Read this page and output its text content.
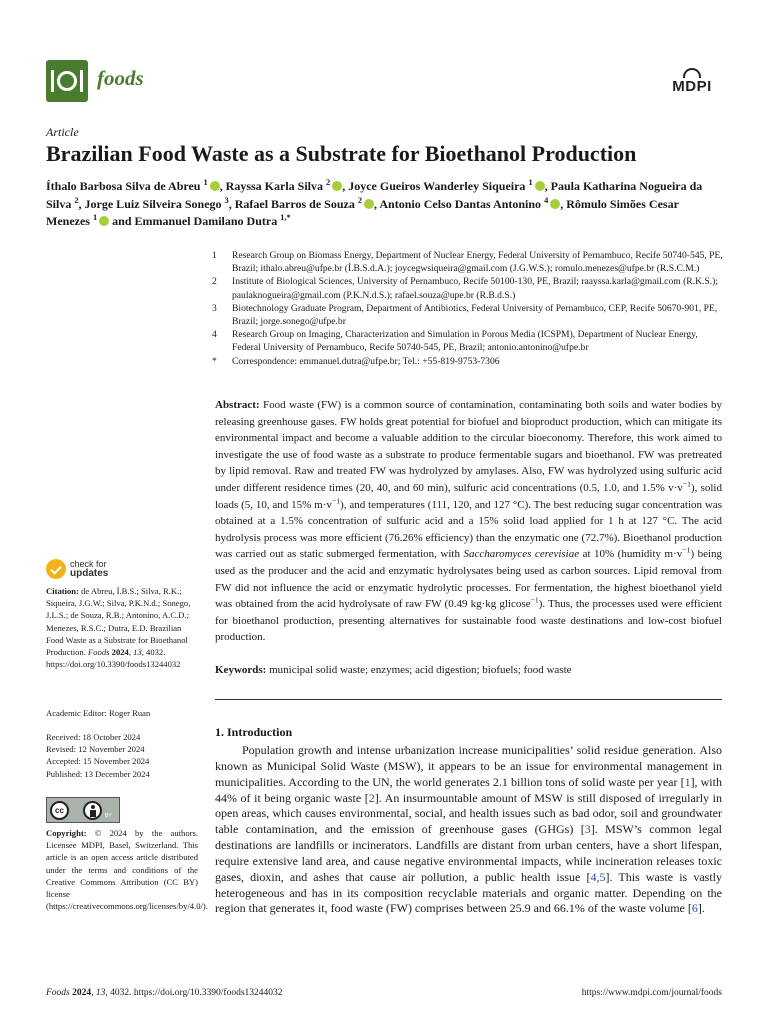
foods	MDPI
Article
Brazilian Food Waste as a Substrate for Bioethanol Production
Íthalo Barbosa Silva de Abreu $^1$ , Rayssa Karla Silva $^2$ , Joyce Gueiros Wanderley Siqueira $^1$ , Paula Katharina Nogueira da Silva $^2$, Jorge Luiz Silveira Sonego $^3$, Rafael Barros de Souza $^2$ , Antonio Celso Dantas Antonino $^4$ , Rômulo Simões Cesar Menezes $^1$ and Emmanuel Damilano Dutra $^{1,*}$
1 Research Group on Biomass Energy, Department of Nuclear Energy, Federal University of Pernambuco, Recife 50740-545, PE, Brazil; ithalo.abreu@ufpe.br (Í.B.S.d.A.); joycegwsiqueira@gmail.com (J.G.W.S.); romulo.menezes@ufpe.br (R.S.C.M.)
2 Institute of Biological Sciences, University of Pernambuco, Recife 50100-130, PE, Brazil; raayssa.karla@gmail.com (R.K.S.); paulaknogueira@gmail.com (P.K.N.d.S.); rafael.souza@upe.br (R.B.d.S.)
3 Biotechnology Graduate Program, Department of Antibiotics, Federal University of Pernambuco, CEP, Recife 50670-901, PE, Brazil; jorge.sonego@ufpe.br
4 Research Group on Imaging, Characterization and Simulation in Porous Media (ICSPM), Department of Nuclear Energy, Federal University of Pernambuco, Recife 50740-545, PE, Brazil; antonio.antonino@ufpe.br
* Correspondence: emmanuel.dutra@ufpe.br; Tel.: +55-819-9753-7306
Abstract: Food waste (FW) is a common source of contamination, contaminating both soils and water bodies by releasing greenhouse gases. FW holds great potential for biofuel and bioproduct production, which can mitigate its environmental impact and become a valuable addition to the circular bioeconomy. Therefore, this work aimed to investigate the use of food waste as a substrate to produce fermentable sugars and bioethanol. FW was pretreated by lipid removal. Raw and treated FW was hydrolyzed by amylases. Also, FW was hydrolyzed using sulfuric acid under different residence times (20, 40, and 60 min), sulfuric acid concentrations (0.5, 1.0, and 1.5% $v\cdot v^{-1}$), solid loads (5, 10, and 15% $m\cdot v^{-1}$), and temperatures (111, 120, and 127 °C). The best reducing sugar concentration was obtained at a 1.5% concentration of sulfuric acid and a 15% solid load applied for 1 h at 127 °C. The acid hydrolysis process was more efficient (76.26% efficiency) than the enzymatic one (72.7%). Bioethanol production was carried out as static submerged fermentation, with Saccharomyces cerevisiae at 10% (humidity $m\cdot v^{-1}$) being used as the producer and the acid and enzymatic hydrolysates being used as carbon sources. Lipid removal from FW did not influence the acid or enzymatic hydrolytic processes. For fermentation, the highest bioethanol yield was obtained from the acid hydrolysate of raw FW (0.49 kg·kg glicose$^{-1}$). Thus, the processes used were efficient for bioethanol production, presenting alternatives for sustainable food waste destinations and low-cost biofuel production.
Keywords: municipal solid waste; enzymes; acid digestion; biofuels; food waste
1. Introduction
Population growth and intense urbanization increase municipalities’ solid residue generation. Also known as Municipal Solid Waste (MSW), it appears to be an issue for environmental management in municipalities. According to the UN, the world generates 2.1 billion tons of solid waste per year [1], with 44% of it being organic waste [2]. An insurmountable amount of MSW is still disposed of irregularly in open areas, which causes environmental, social, and health issues such as bad odor, soil and groundwater table contamination, and the emission of greenhouse gases (GHGs) [3]. MSW’s common legal destinations are landfills or incinerators. Landfills are distant from urban centers, have a short lifespan, require extensive land area, and cause negative environmental impacts, while incineration releases toxic gases, dioxin, and ashes that cause air pollution, a public health issue [4,5]. This waste is vastly heterogeneous and has in its composition recyclable materials and organic matter. Depending on the region that generates it, food waste (FW) comprises between 25.9 and 66.1% of the waste volume [6].
check for
updates
Citation: de Abreu, Í.B.S.; Silva, R.K.; Siqueira, J.G.W.; Silva, P.K.N.d.; Sonego, J.L.S.; de Souza, R.B.; Antonino, A.C.D.; Menezes, R.S.C.; Dutra, E.D. Brazilian Food Waste as a Substrate for Bioethanol Production. Foods 2024, 13, 4032. https://doi.org/10.3390/foods13244032
Academic Editor: Roger Ruan
Received: 18 October 2024
Revised: 12 November 2024
Accepted: 15 November 2024
Published: 13 December 2024
cc
BY
Copyright: © 2024 by the authors. Licensee MDPI, Basel, Switzerland. This article is an open access article distributed under the terms and conditions of the Creative Commons Attribution (CC BY) license (https://creativecommons.org/licenses/by/4.0/).
Foods 2024, 13, 4032. https://doi.org/10.3390/foods13244032	https://www.mdpi.com/journal/foods
